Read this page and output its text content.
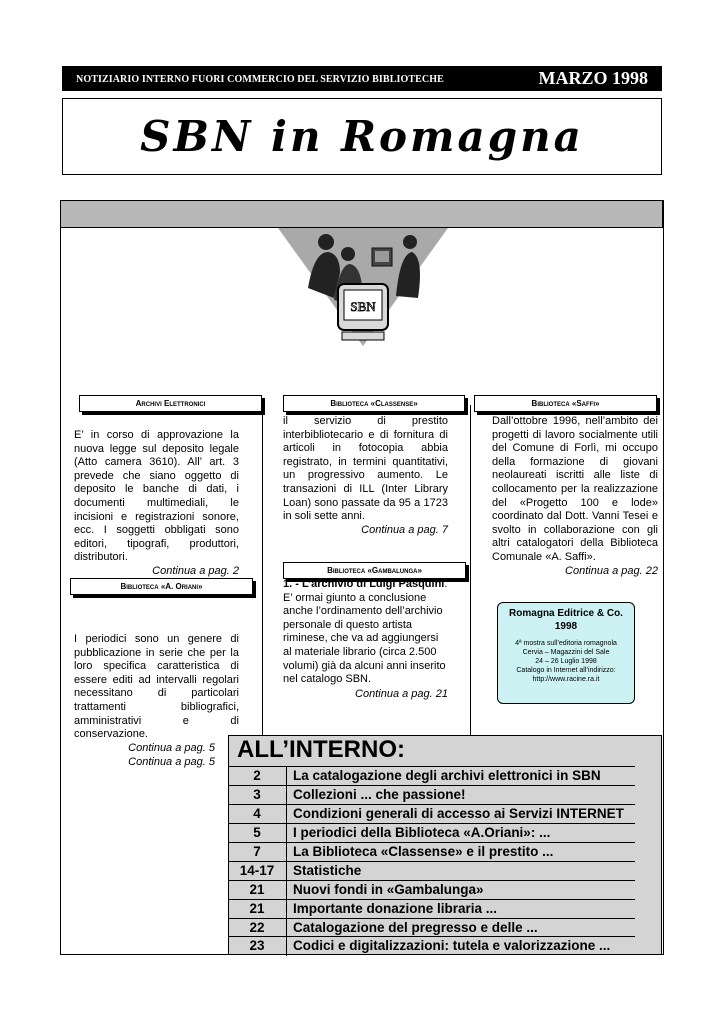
NOTIZIARIO INTERNO FUORI COMMERCIO DEL SERVIZIO BIBLIOTECHE	MARZO 1998
SBN in Romagna
SBN
Archivi Elettronici
E’ in corso di approvazione la nuova legge sul deposito legale (Atto camera 3610). All’ art. 3 prevede che siano oggetto di deposito le banche di dati, i documenti multimediali, le incisioni e registrazioni sonore, ecc. I soggetti obbligati sono editori, tipografi, produttori, distributori.
Continua a pag. 2
Biblioteca «A. Oriani»
I periodici sono un genere di pubblicazione in serie che per la loro specifica caratteristica di essere editi ad intervalli regolari necessitano di particolari trattamenti bibliografici, amministrativi e di conservazione.
Continua a pag. 5
Continua a pag. 5
Biblioteca «Classense»
il servizio di prestito interbibliotecario e di fornitura di articoli in fotocopia abbia registrato, in termini quantitativi, un progressivo aumento. Le transazioni di ILL (Inter Library Loan) sono passate da 95 a 1723 in soli sette anni.
Continua a pag. 7
Biblioteca «Gambalunga»
1. - L’archivio di Luigi Pasquini. E’ ormai giunto a conclusione anche l’ordinamento dell’archivio personale di questo artista riminese, che va ad aggiungersi al materiale librario (circa 2.500 volumi) già da alcuni anni inserito nel catalogo SBN.
Continua a pag. 21
Biblioteca «Saffi»
Dall’ottobre 1996, nell’ambito dei progetti di lavoro socialmente utili del Comune di Forlì, mi occupo della formazione di giovani neolaureati iscritti alle liste di collocamento per la realizzazione del «Progetto 100 e lode» coordinato dal Dott. Vanni Tesei e svolto in collaborazione con gli altri catalogatori della Biblioteca Comunale «A. Saffi».
Continua a pag. 22
Romagna Editrice & Co.
1998
4ª mostra sull’editoria romagnola
Cervia – Magazzini del Sale
24 – 26 Luglio 1998
Catalogo in Internet all’indirizzo:
http://www.racine.ra.it
ALL’INTERNO:
2	La catalogazione degli archivi elettronici in SBN
3	Collezioni ... che passione!
4	Condizioni generali di accesso ai Servizi INTERNET
5	I periodici della Biblioteca «A.Oriani»: ...
7	La Biblioteca «Classense» e il prestito ...
14-17	Statistiche
21	Nuovi fondi in «Gambalunga»
21	Importante donazione libraria ...
22	Catalogazione del pregresso e delle ...
23	Codici e digitalizzazioni: tutela e valorizzazione ...
